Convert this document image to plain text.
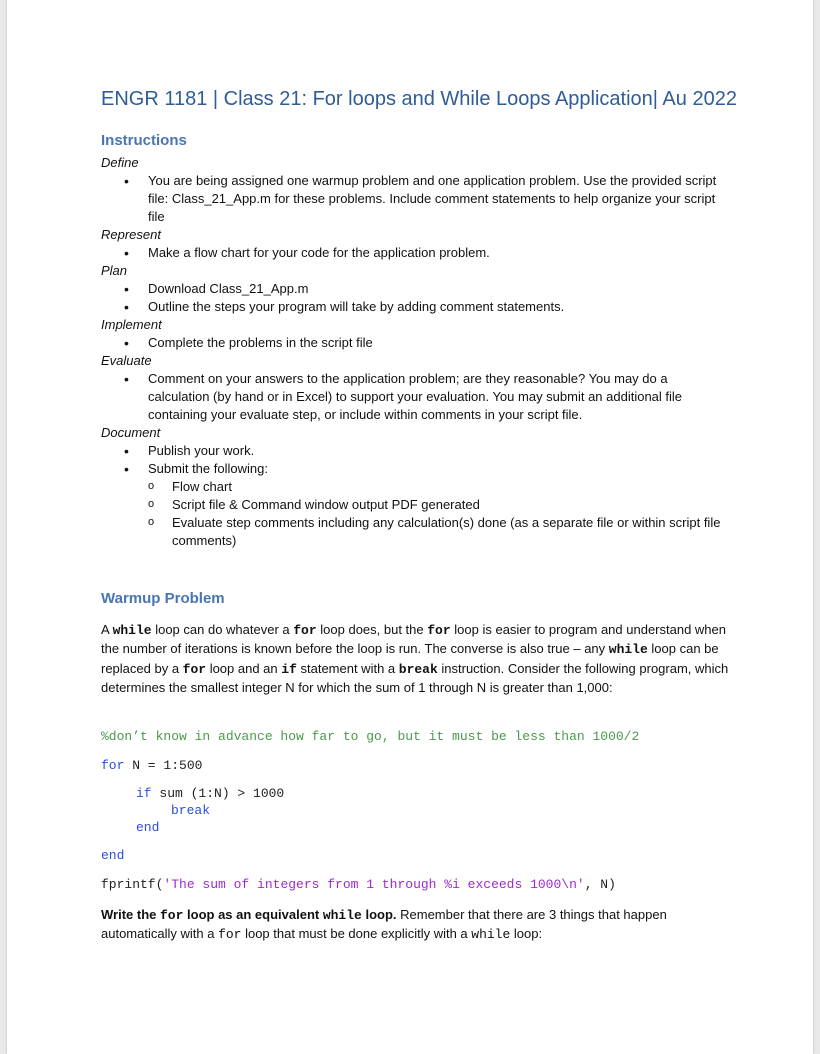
ENGR 1181 | Class 21: For loops and While Loops Application| Au 2022
Instructions

Define

• You are being assigned one warmup problem and one application problem. Use the provided script file: Class_21_App.m for these problems. Include comment statements to help organize your script file

Represent

• Make a flow chart for your code for the application problem.

Plan

• Download Class_21_App.m
• Outline the steps your program will take by adding comment statements.

Implement

• Complete the problems in the script file

Evaluate

• Comment on your answers to the application problem; are they reasonable? You may do a calculation (by hand or in Excel) to support your evaluation. You may submit an additional file containing your evaluate step, or include within comments in your script file.

Document

• Publish your work.
• Submit the following:
o Flow chart
o Script file & Command window output PDF generated
o Evaluate step comments including any calculation(s) done (as a separate file or within script file comments)
Warmup Problem

A while loop can do whatever a for loop does, but the for loop is easier to program and understand when the number of iterations is known before the loop is run. The converse is also true – any while loop can be replaced by a for loop and an if statement with a break instruction. Consider the following program, which determines the smallest integer N for which the sum of 1 through N is greater than 1,000:

%don’t know in advance how far to go, but it must be less than 1000/2
for N = 1:500
if sum (1:N) > 1000
break
end
end
fprintf('The sum of integers from 1 through %i exceeds 1000\n', N)

Write the for loop as an equivalent while loop. Remember that there are 3 things that happen automatically with a for loop that must be done explicitly with a while loop:
